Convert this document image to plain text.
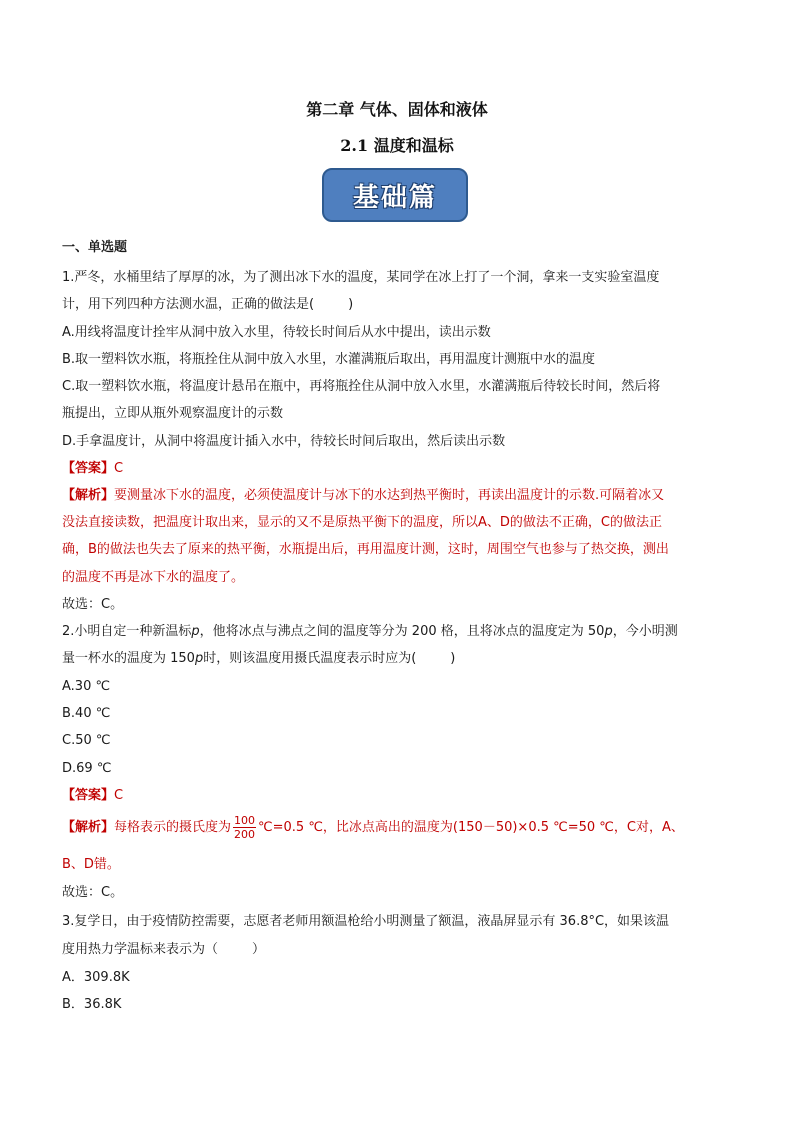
第二章 气体、固体和液体
2.1 温度和温标
基础篇
一、单选题
1.严冬，水桶里结了厚厚的冰，为了测出冰下水的温度，某同学在冰上打了一个洞，拿来一支实验室温度
计，用下列四种方法测水温，正确的做法是(	)
A.用线将温度计拴牢从洞中放入水里，待较长时间后从水中提出，读出示数
B.取一塑料饮水瓶，将瓶拴住从洞中放入水里，水灌满瓶后取出，再用温度计测瓶中水的温度
C.取一塑料饮水瓶，将温度计悬吊在瓶中，再将瓶拴住从洞中放入水里，水灌满瓶后待较长时间，然后将
瓶提出，立即从瓶外观察温度计的示数
D.手拿温度计，从洞中将温度计插入水中，待较长时间后取出，然后读出示数
【答案】C
【解析】要测量冰下水的温度，必须使温度计与冰下的水达到热平衡时，再读出温度计的示数.可隔着冰又
没法直接读数，把温度计取出来，显示的又不是原热平衡下的温度，所以A、D的做法不正确，C的做法正
确，B的做法也失去了原来的热平衡，水瓶提出后，再用温度计测，这时，周围空气也参与了热交换，测出
的温度不再是冰下水的温度了。
故选：C。
2.小明自定一种新温标p，他将冰点与沸点之间的温度等分为 200 格，且将冰点的温度定为 50p，今小明测
量一杯水的温度为 150p时，则该温度用摄氏温度表示时应为(	)
A.30 ℃
B.40 ℃
C.50 ℃
D.69 ℃
【答案】C
【解析】每格表示的摄氏度为 $\frac{100}{200}$ ℃=0.5 ℃，比冰点高出的温度为(150－50)×0.5 ℃=50 ℃，C对，A、
B、D错。
故选：C。
3.复学日，由于疫情防控需要，志愿者老师用额温枪给小明测量了额温，液晶屏显示有 36.8°C，如果该温
度用热力学温标来表示为（	）
A．309.8K
B．36.8K
